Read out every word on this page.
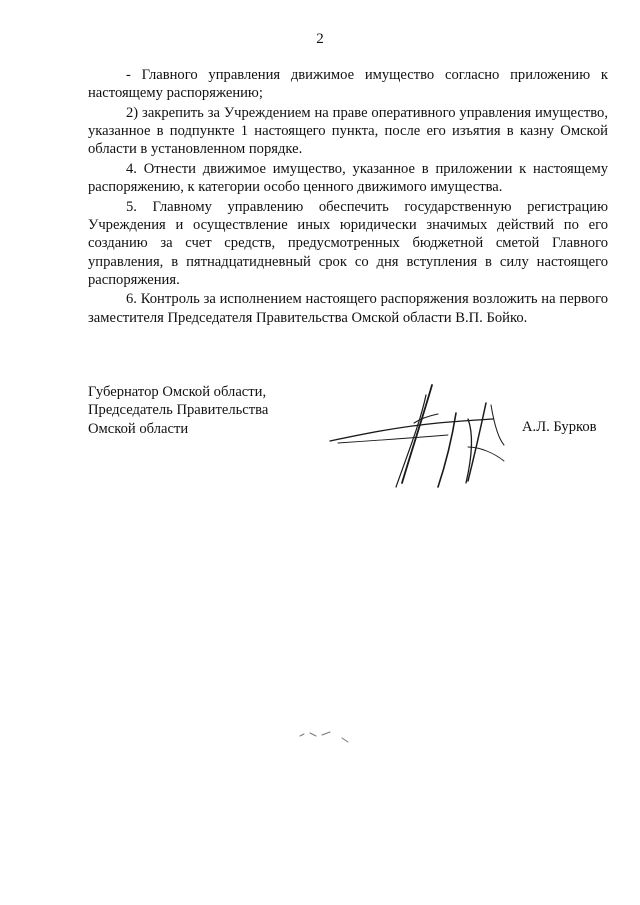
2

- Главного управления движимое имущество согласно приложению к настоящему распоряжению;

2) закрепить за Учреждением на праве оперативного управления имущество, указанное в подпункте 1 настоящего пункта, после его изъятия в казну Омской области в установленном порядке.

4. Отнести движимое имущество, указанное в приложении к настоящему распоряжению, к категории особо ценного движимого имущества.

5. Главному управлению обеспечить государственную регистрацию Учреждения и осуществление иных юридически значимых действий по его созданию за счет средств, предусмотренных бюджетной сметой Главного управления, в пятнадцатидневный срок со дня вступления в силу настоящего распоряжения.

6. Контроль за исполнением настоящего распоряжения возложить на первого заместителя Председателя Правительства Омской области В.П. Бойко.

Губернатор Омской области,
Председатель Правительства
Омской области	А.Л. Бурков
